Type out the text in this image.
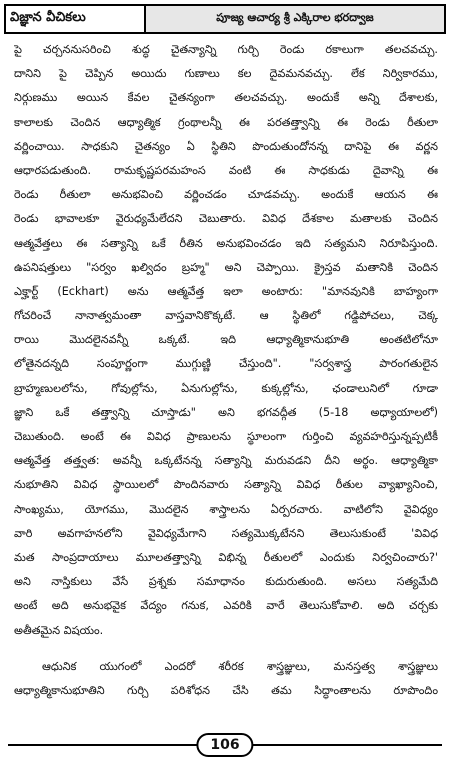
విజ్ఞాన వీచికలు	పూజ్య ఆచార్య శ్రీ ఎక్కిరాల భరద్వాజ
పై చర్చననుసరించి శుద్ధ చైతన్యాన్ని గుర్చి రెండు రకాలుగా తలచవచ్చు.
దానిని పై చెప్పిన అయిదు గుణాలు కల దైవమనవచ్చు. లేక నిర్వికారము,
నిర్గుణము అయిన కేవల చైతన్యంగా తలచవచ్చు. అందుకే అన్ని దేశాలకు,
కాలాలకు చెందిన ఆధ్యాత్మిక గ్రంథాలన్నీ ఈ పరతత్త్వాన్ని ఈ రెండు రీతులా
వర్ణించాయి. సాధకుని చైతన్యం ఏ స్థితిని పొందుతుందోనన్న దానిపై ఈ వర్ణన
ఆధారపడుతుంది. రామకృష్ణపరమహంస వంటి ఈ సాధకుడు దైవాన్ని ఈ
రెండు రీతులా అనుభవించి వర్ణించడం చూడవచ్చు. అందుకే ఆయన ఈ
రెండు భావాలకూ వైరుధ్యమేలేదని చెబుతారు. వివిధ దేశకాల మతాలకు చెందిన
ఆత్మవేత్తలు ఈ సత్యాన్ని ఒకే రీతిన అనుభవించడం ఇది సత్యమని నిరూపిస్తుంది.
ఉపనిషత్తులు "సర్వం ఖల్విదం బ్రహ్మ" అని చెప్పాయి. క్రైస్తవ మతానికి చెందిన
ఎక్హార్ట్ (Eckhart) అను ఆత్మవేత్త ఇలా అంటారు: "మానవునికి బాహ్యంగా
గోచరించే నానాత్వమంతా వాస్తవానికొక్కటే. ఆ స్థితిలో గడ్డిపోచలు, చెక్క
రాయి మొదలైనవన్నీ ఒక్కటే. ఇది ఆధ్యాత్మికానుభూతి అంతటిలోనూ
లోతైనదన్నది సంపూర్ణంగా ముగ్గుణ్ణి చేస్తుంది". "సర్వశాస్త్ర పారంగతులైన
బ్రాహ్మణులలోను, గోవుల్లోను, ఏనుగుల్లోను, కుక్కల్లోను, ఛండాలునిలో గూడా
జ్ఞాని ఒకే తత్త్వాన్ని చూస్తాడు" అని భగవద్గీత (5-18 అధ్యాయాలలో)
చెబుతుంది. అంటే ఈ వివిధ ప్రాణులను స్థూలంగా గుర్తించి వ్యవహరిస్తున్నప్పటికీ
ఆత్మవేత్త తత్త్వత: అవన్నీ ఒక్కటేనన్న సత్యాన్ని మరువడని దీని అర్థం. ఆధ్యాత్మికా
నుభూతిని వివిధ స్థాయిలలో పొందినవారు సత్యాన్ని వివిధ రీతుల వ్యాఖ్యానించి,
సాంఖ్యము, యోగము, మొదలైన శాస్త్రాలను ఏర్పరచారు. వాటిలోని వైవిధ్యం
వారి అవగాహనలోని వైవిధ్యమేగాని సత్యమొక్కటేనని తెలుసుకుంటే 'వివిధ
మత సాంప్రదాయాలు మూలతత్త్వాన్ని విభిన్న రీతులలో ఎందుకు నిర్వచించారు?'
అని నాస్తికులు వేసే ప్రశ్నకు సమాధానం కుదురుతుంది. అసలు సత్యమేది
అంటే అది అనుభవైక వేద్యం గనుక, ఎవరికి వారే తెలుసుకోవాలి. అది చర్చకు
అతీతమైన విషయం.
ఆధునిక యుగంలో ఎందరో శరీరక శాస్త్రజ్ఞులు, మనస్తత్వ శాస్త్రజ్ఞులు
ఆధ్యాత్మికానుభూతిని గుర్చి పరిశోధన చేసి తమ సిద్ధాంతాలను రూపొందిం
106
